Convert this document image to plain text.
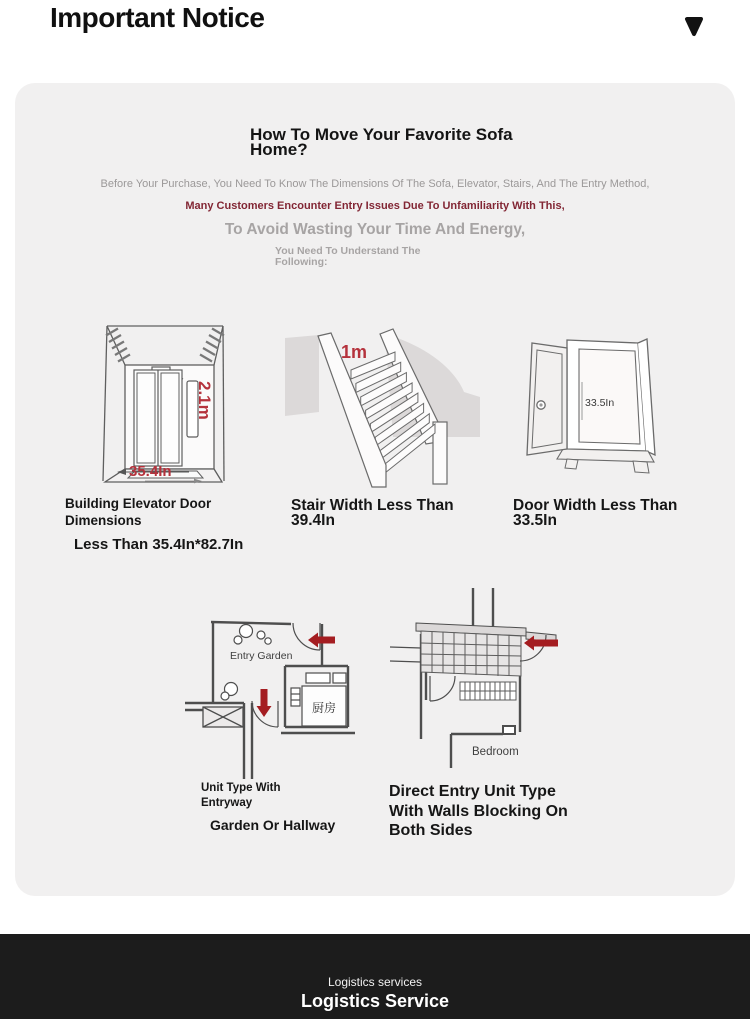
Important Notice
How To Move Your Favorite Sofa Home?
Before Your Purchase, You Need To Know The Dimensions Of The Sofa, Elevator, Stairs, And The Entry Method,
Many Customers Encounter Entry Issues Due To Unfamiliarity With This,
To Avoid Wasting Your Time And Energy,
You Need To Understand The Following:
35.4In
2.1m
1m
33.5In
Building Elevator Door Dimensions
Less Than 35.4In*82.7In
Stair Width Less Than 39.4In
Door Width Less Than 33.5In
Entry Garden
厨房
Bedroom
Unit Type With Entryway
Garden Or Hallway
Direct Entry Unit Type With Walls Blocking On Both Sides
Logistics services
Logistics Service
